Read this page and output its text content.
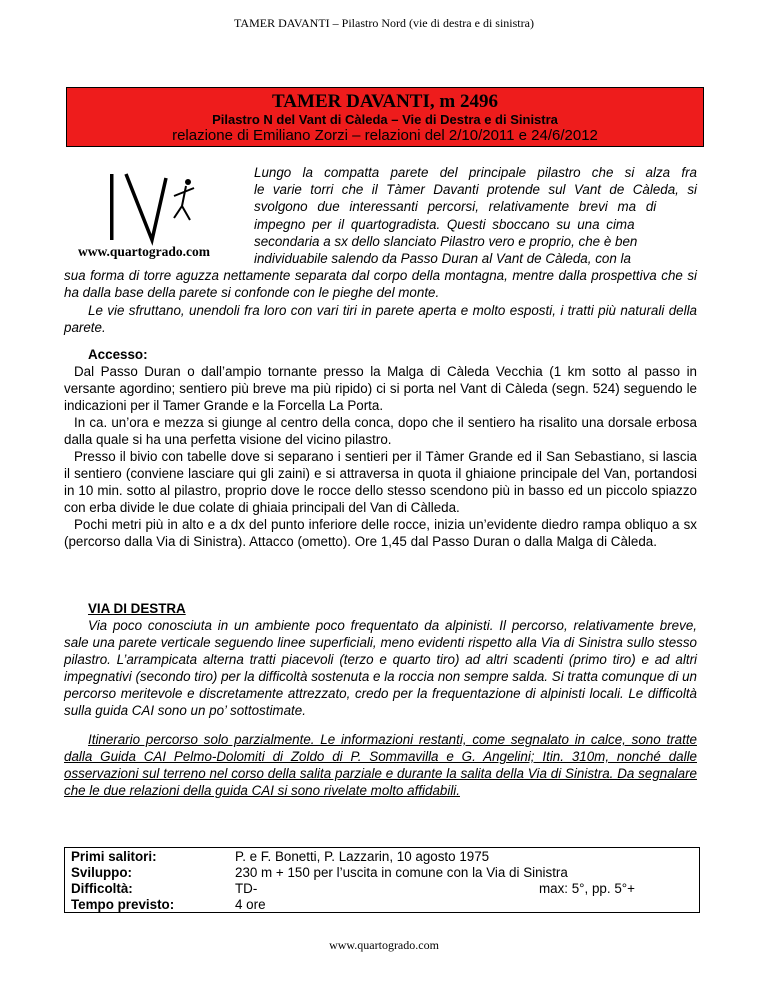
TAMER DAVANTI – Pilastro Nord (vie di destra e di sinistra)
TAMER DAVANTI, m 2496
Pilastro N del Vant di Càleda – Vie di Destra e di Sinistra
relazione di Emiliano Zorzi – relazioni del 2/10/2011 e 24/6/2012
www.quartogrado.com
Lungo la compatta parete del principale pilastro che si alza fra
le varie torri che il Tàmer Davanti protende sul Vant de Càleda, si
svolgono due interessanti percorsi, relativamente brevi ma di
impegno per il quartogradista. Questi sboccano su una cima
secondaria a sx dello slanciato Pilastro vero e proprio, che è ben
individuabile salendo da Passo Duran al Vant de Càleda, con la
sua forma di torre aguzza nettamente separata dal corpo della montagna, mentre dalla prospettiva che si ha dalla base della parete si confonde con le pieghe del monte.
Le vie sfruttano, unendoli fra loro con vari tiri in parete aperta e molto esposti, i tratti più naturali della parete.
Accesso:
Dal Passo Duran o dall’ampio tornante presso la Malga di Càleda Vecchia (1 km sotto al passo in versante agordino; sentiero più breve ma più ripido) ci si porta nel Vant di Càleda (segn. 524) seguendo le indicazioni per il Tamer Grande e la Forcella La Porta.
In ca. un’ora e mezza si giunge al centro della conca, dopo che il sentiero ha risalito una dorsale erbosa dalla quale si ha una perfetta visione del vicino pilastro.
Presso il bivio con tabelle dove si separano i sentieri per il Tàmer Grande ed il San Sebastiano, si lascia il sentiero (conviene lasciare qui gli zaini) e si attraversa in quota il ghiaione principale del Van, portandosi in 10 min. sotto al pilastro, proprio dove le rocce dello stesso scendono più in basso ed un piccolo spiazzo con erba divide le due colate di ghiaia principali del Van di Càlleda.
Pochi metri più in alto e a dx del punto inferiore delle rocce, inizia un’evidente diedro rampa obliquo a sx (percorso dalla Via di Sinistra). Attacco (ometto). Ore 1,45 dal Passo Duran o dalla Malga di Càleda.
VIA DI DESTRA
Via poco conosciuta in un ambiente poco frequentato da alpinisti. Il percorso, relativamente breve, sale una parete verticale seguendo linee superficiali, meno evidenti rispetto alla Via di Sinistra sullo stesso pilastro. L’arrampicata alterna tratti piacevoli (terzo e quarto tiro) ad altri scadenti (primo tiro) e ad altri impegnativi (secondo tiro) per la difficoltà sostenuta e la roccia non sempre salda. Si tratta comunque di un percorso meritevole e discretamente attrezzato, credo per la frequentazione di alpinisti locali. Le difficoltà sulla guida CAI sono un po’ sottostimate.
Itinerario percorso solo parzialmente. Le informazioni restanti, come segnalato in calce, sono tratte dalla Guida CAI Pelmo-Dolomiti di Zoldo di P. Sommavilla e G. Angelini; Itin. 310m, nonché dalle osservazioni sul terreno nel corso della salita parziale e durante la salita della Via di Sinistra. Da segnalare che le due relazioni della guida CAI si sono rivelate molto affidabili.
Primi salitori:	P. e F. Bonetti, P. Lazzarin, 10 agosto 1975
Sviluppo:	230 m + 150 per l’uscita in comune con la Via di Sinistra
Difficoltà:	TD-	max: 5°, pp. 5°+
Tempo previsto:	4 ore
www.quartogrado.com
